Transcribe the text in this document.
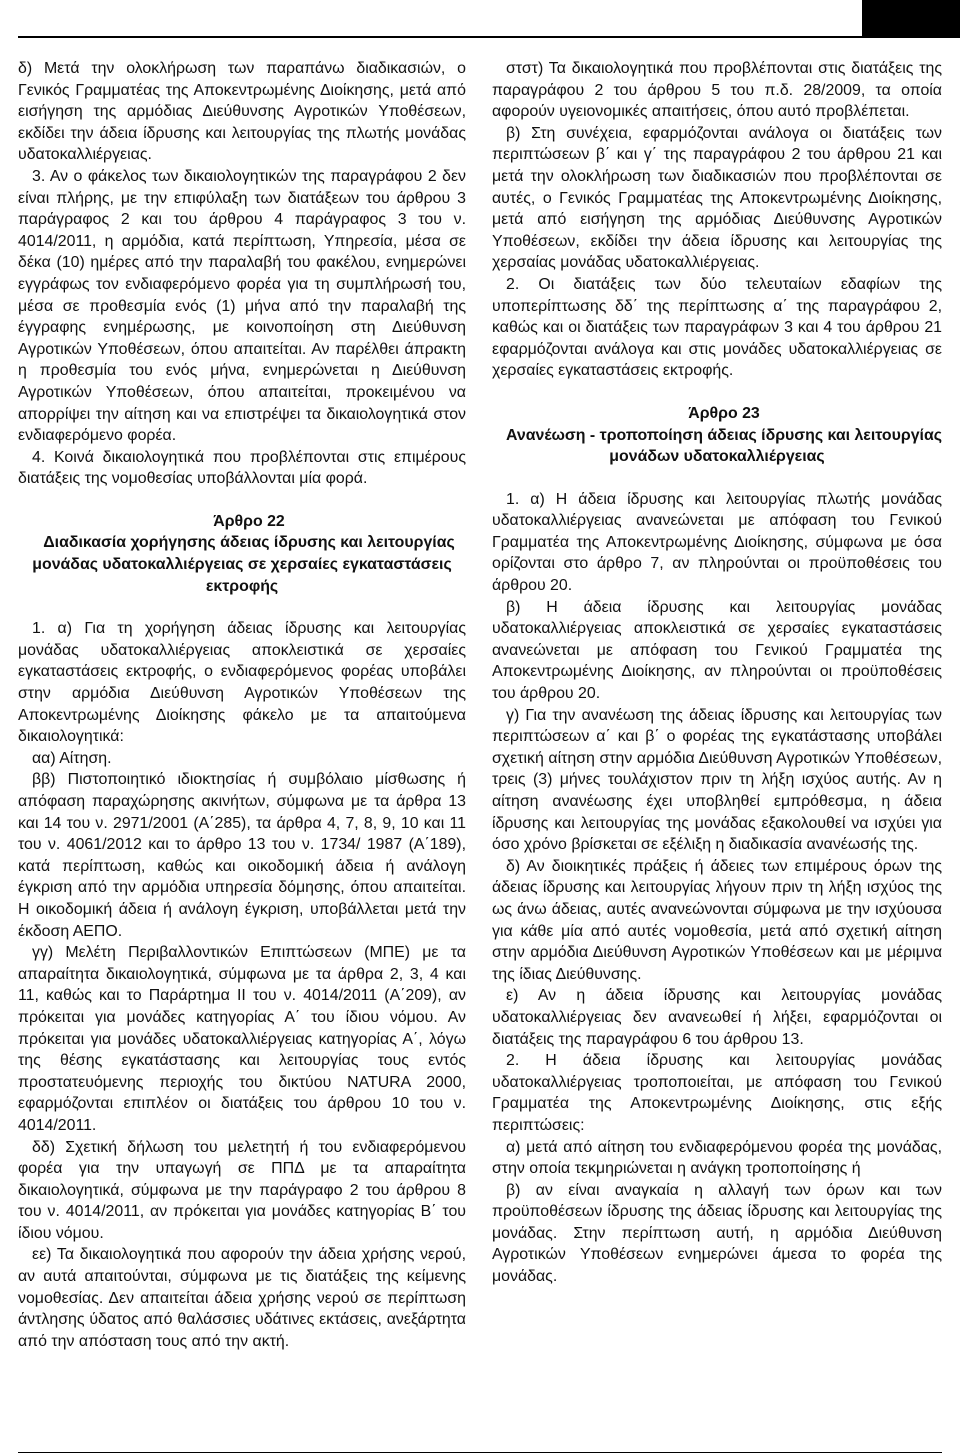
δ) Μετά την ολοκλήρωση των παραπάνω διαδικασιών, ο Γενικός Γραμματέας της Αποκεντρωμένης Διοίκησης, μετά από εισήγηση της αρμόδιας Διεύθυνσης Αγροτικών Υποθέσεων, εκδίδει την άδεια ίδρυσης και λειτουργίας της πλωτής μονάδας υδατοκαλλιέργειας.

3. Αν ο φάκελος των δικαιολογητικών της παραγράφου 2 δεν είναι πλήρης, με την επιφύλαξη των διατάξεων του άρθρου 3 παράγραφος 2 και του άρθρου 4 παράγραφος 3 του ν. 4014/2011, η αρμόδια, κατά περίπτωση, Υπηρεσία, μέσα σε δέκα (10) ημέρες από την παραλαβή του φακέλου, ενημερώνει εγγράφως τον ενδιαφερόμενο φορέα για τη συμπλήρωσή του, μέσα σε προθεσμία ενός (1) μήνα από την παραλαβή της έγγραφης ενημέρωσης, με κοινοποίηση στη Διεύθυνση Αγροτικών Υποθέσεων, όπου απαιτείται. Αν παρέλθει άπρακτη η προθεσμία του ενός μήνα, ενημερώνεται η Διεύθυνση Αγροτικών Υποθέσεων, όπου απαιτείται, προκειμένου να απορρίψει την αίτηση και να επιστρέψει τα δικαιολογητικά στον ενδιαφερόμενο φορέα.

4. Κοινά δικαιολογητικά που προβλέπονται στις επιμέρους διατάξεις της νομοθεσίας υποβάλλονται μία φορά.

Άρθρο 22

Διαδικασία χορήγησης άδειας ίδρυσης και λειτουργίας μονάδας υδατοκαλλιέργειας σε χερσαίες εγκαταστάσεις εκτροφής

1. α) Για τη χορήγηση άδειας ίδρυσης και λειτουργίας μονάδας υδατοκαλλιέργειας αποκλειστικά σε χερσαίες εγκαταστάσεις εκτροφής, ο ενδιαφερόμενος φορέας υποβάλει στην αρμόδια Διεύθυνση Αγροτικών Υποθέσεων της Αποκεντρωμένης Διοίκησης φάκελο με τα απαιτούμενα δικαιολογητικά:

αα) Αίτηση.

ββ) Πιστοποιητικό ιδιοκτησίας ή συμβόλαιο μίσθωσης ή απόφαση παραχώρησης ακινήτων, σύμφωνα με τα άρθρα 13 και 14 του ν. 2971/2001 (Α΄285), τα άρθρα 4, 7, 8, 9, 10 και 11 του ν. 4061/2012 και το άρθρο 13 του ν. 1734/ 1987 (Α΄189), κατά περίπτωση, καθώς και οικοδομική άδεια ή ανάλογη έγκριση από την αρμόδια υπηρεσία δόμησης, όπου απαιτείται. Η οικοδομική άδεια ή ανάλογη έγκριση, υποβάλλεται μετά την έκδοση ΑΕΠΟ.

γγ) Μελέτη Περιβαλλοντικών Επιπτώσεων (ΜΠΕ) με τα απαραίτητα δικαιολογητικά, σύμφωνα με τα άρθρα 2, 3, 4 και 11, καθώς και το Παράρτημα ΙΙ του ν. 4014/2011 (Α΄209), αν πρόκειται για μονάδες κατηγορίας Α΄ του ίδιου νόμου. Αν πρόκειται για μονάδες υδατοκαλλιέργειας κατηγορίας Α΄, λόγω της θέσης εγκατάστασης και λειτουργίας τους εντός προστατευόμενης περιοχής του δικτύου NATURA 2000, εφαρμόζονται επιπλέον οι διατάξεις του άρθρου 10 του ν. 4014/2011.

δδ) Σχετική δήλωση του μελετητή ή του ενδιαφερόμενου φορέα για την υπαγωγή σε ΠΠΔ με τα απαραίτητα δικαιολογητικά, σύμφωνα με την παράγραφο 2 του άρθρου 8 του ν. 4014/2011, αν πρόκειται για μονάδες κατηγορίας Β΄ του ίδιου νόμου.

εε) Τα δικαιολογητικά που αφορούν την άδεια χρήσης νερού, αν αυτά απαιτούνται, σύμφωνα με τις διατάξεις της κείμενης νομοθεσίας. Δεν απαιτείται άδεια χρήσης νερού σε περίπτωση άντλησης ύδατος από θαλάσσιες υδάτινες εκτάσεις, ανεξάρτητα από την απόσταση τους από την ακτή.

στστ) Τα δικαιολογητικά που προβλέπονται στις διατάξεις της παραγράφου 2 του άρθρου 5 του π.δ. 28/2009, τα οποία αφορούν υγειονομικές απαιτήσεις, όπου αυτό προβλέπεται.

β) Στη συνέχεια, εφαρμόζονται ανάλογα οι διατάξεις των περιπτώσεων β΄ και γ΄ της παραγράφου 2 του άρθρου 21 και μετά την ολοκλήρωση των διαδικασιών που προβλέπονται σε αυτές, ο Γενικός Γραμματέας της Αποκεντρωμένης Διοίκησης, μετά από εισήγηση της αρμόδιας Διεύθυνσης Αγροτικών Υποθέσεων, εκδίδει την άδεια ίδρυσης και λειτουργίας της χερσαίας μονάδας υδατοκαλλιέργειας.

2. Οι διατάξεις των δύο τελευταίων εδαφίων της υποπερίπτωσης δδ΄ της περίπτωσης α΄ της παραγράφου 2, καθώς και οι διατάξεις των παραγράφων 3 και 4 του άρθρου 21 εφαρμόζονται ανάλογα και στις μονάδες υδατοκαλλιέργειας σε χερσαίες εγκαταστάσεις εκτροφής.

Άρθρο 23

Ανανέωση - τροποποίηση άδειας ίδρυσης και λειτουργίας μονάδων υδατοκαλλιέργειας

1. α) Η άδεια ίδρυσης και λειτουργίας πλωτής μονάδας υδατοκαλλιέργειας ανανεώνεται με απόφαση του Γενικού Γραμματέα της Αποκεντρωμένης Διοίκησης, σύμφωνα με όσα ορίζονται στο άρθρο 7, αν πληρούνται οι προϋποθέσεις του άρθρου 20.

β) Η άδεια ίδρυσης και λειτουργίας μονάδας υδατοκαλλιέργειας αποκλειστικά σε χερσαίες εγκαταστάσεις ανανεώνεται με απόφαση του Γενικού Γραμματέα της Αποκεντρωμένης Διοίκησης, αν πληρούνται οι προϋποθέσεις του άρθρου 20.

γ) Για την ανανέωση της άδειας ίδρυσης και λειτουργίας των περιπτώσεων α΄ και β΄ ο φορέας της εγκατάστασης υποβάλει σχετική αίτηση στην αρμόδια Διεύθυνση Αγροτικών Υποθέσεων, τρεις (3) μήνες τουλάχιστον πριν τη λήξη ισχύος αυτής. Αν η αίτηση ανανέωσης έχει υποβληθεί εμπρόθεσμα, η άδεια ίδρυσης και λειτουργίας της μονάδας εξακολουθεί να ισχύει για όσο χρόνο βρίσκεται σε εξέλιξη η διαδικασία ανανέωσής της.

δ) Αν διοικητικές πράξεις ή άδειες των επιμέρους όρων της άδειας ίδρυσης και λειτουργίας λήγουν πριν τη λήξη ισχύος της ως άνω άδειας, αυτές ανανεώνονται σύμφωνα με την ισχύουσα για κάθε μία από αυτές νομοθεσία, μετά από σχετική αίτηση στην αρμόδια Διεύθυνση Αγροτικών Υποθέσεων και με μέριμνα της ίδιας Διεύθυνσης.

ε) Αν η άδεια ίδρυσης και λειτουργίας μονάδας υδατοκαλλιέργειας δεν ανανεωθεί ή λήξει, εφαρμόζονται οι διατάξεις της παραγράφου 6 του άρθρου 13.

2. Η άδεια ίδρυσης και λειτουργίας μονάδας υδατοκαλλιέργειας τροποποιείται, με απόφαση του Γενικού Γραμματέα της Αποκεντρωμένης Διοίκησης, στις εξής περιπτώσεις:

α) μετά από αίτηση του ενδιαφερόμενου φορέα της μονάδας, στην οποία τεκμηριώνεται η ανάγκη τροποποίησης ή

β) αν είναι αναγκαία η αλλαγή των όρων και των προϋποθέσεων ίδρυσης της άδειας ίδρυσης και λειτουργίας της μονάδας. Στην περίπτωση αυτή, η αρμόδια Διεύθυνση Αγροτικών Υποθέσεων ενημερώνει άμεσα το φορέα της μονάδας.
